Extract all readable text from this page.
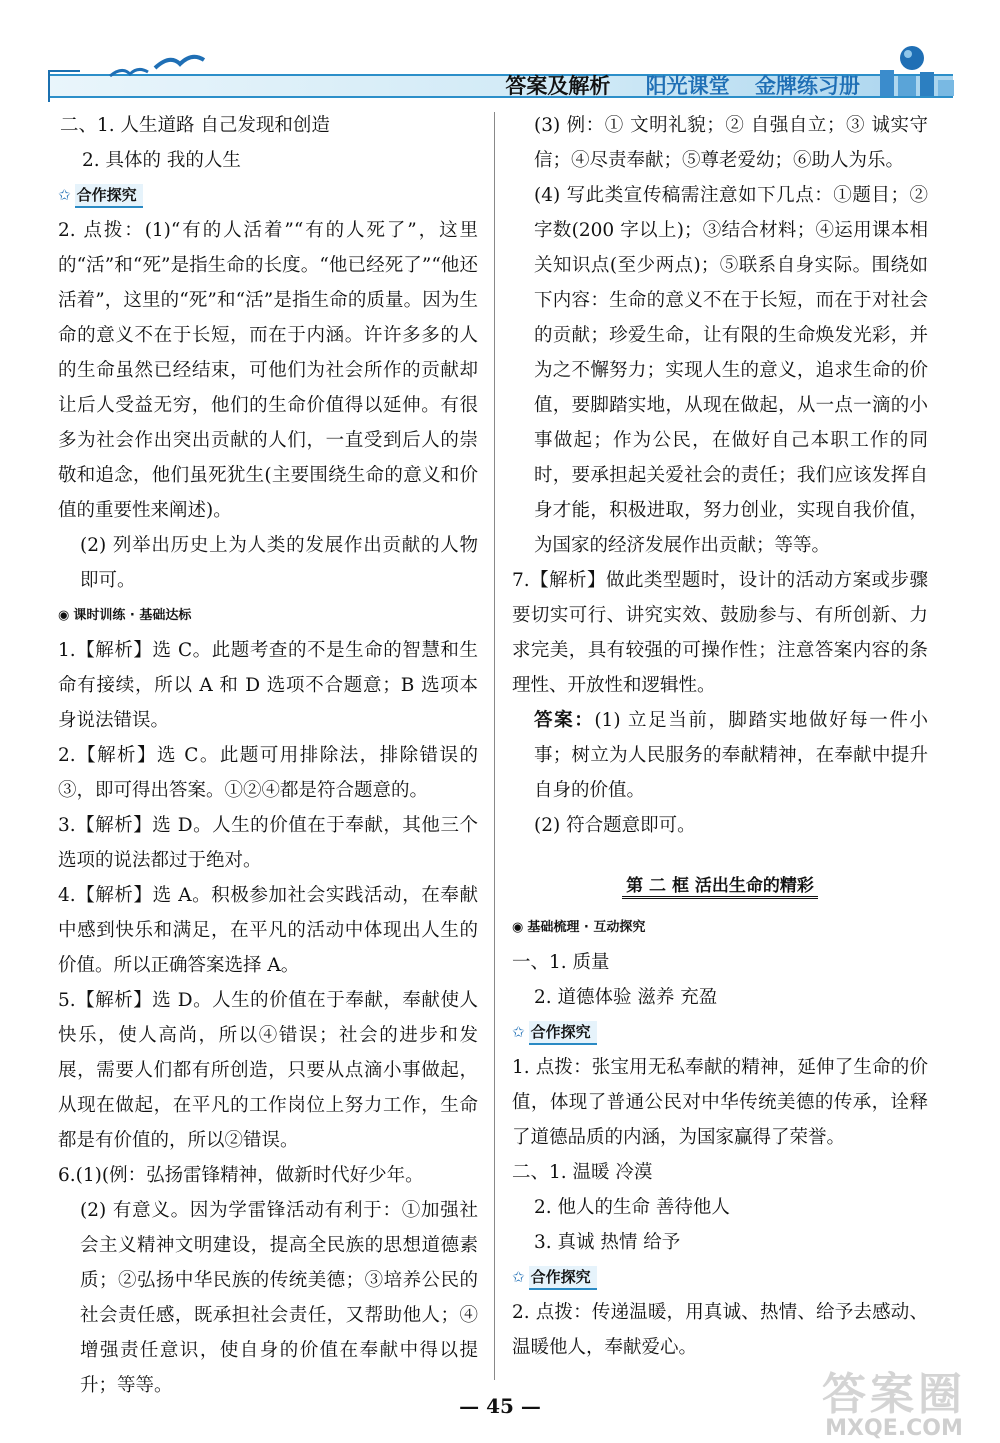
答案及解析 阳光课堂 金牌练习册
二、1. 人生道路 自己发现和创造
2. 具体的 我的人生
✩ 合作探究
2. 点拨：(1)“有的人活着”“有的人死了”，这里的“活”和“死”是指生命的长度。“他已经死了”“他还活着”，这里的“死”和“活”是指生命的质量。因为生命的意义不在于长短，而在于内涵。许许多多的人的生命虽然已经结束，可他们为社会所作的贡献却让后人受益无穷，他们的生命价值得以延伸。有很多为社会作出突出贡献的人们，一直受到后人的崇敬和追念，他们虽死犹生(主要围绕生命的意义和价值的重要性来阐述)。
(2) 列举出历史上为人类的发展作出贡献的人物即可。
◉ 课时训练 · 基础达标
1.【解析】选 C。此题考查的不是生命的智慧和生命有接续，所以 A 和 D 选项不合题意；B 选项本身说法错误。
2.【解析】选 C。此题可用排除法，排除错误的③，即可得出答案。①②④都是符合题意的。
3.【解析】选 D。人生的价值在于奉献，其他三个选项的说法都过于绝对。
4.【解析】选 A。积极参加社会实践活动，在奉献中感到快乐和满足，在平凡的活动中体现出人生的价值。所以正确答案选择 A。
5.【解析】选 D。人生的价值在于奉献，奉献使人快乐，使人高尚，所以④错误；社会的进步和发展，需要人们都有所创造，只要从点滴小事做起，从现在做起，在平凡的工作岗位上努力工作，生命都是有价值的，所以②错误。
6.(1)(例：弘扬雷锋精神，做新时代好少年。
(2) 有意义。因为学雷锋活动有利于：①加强社会主义精神文明建设，提高全民族的思想道德素质；②弘扬中华民族的传统美德；③培养公民的社会责任感，既承担社会责任，又帮助他人；④增强责任意识，使自身的价值在奉献中得以提升；等等。
(3) 例：① 文明礼貌；② 自强自立；③ 诚实守信；④尽责奉献；⑤尊老爱幼；⑥助人为乐。
(4) 写此类宣传稿需注意如下几点：①题目；②字数(200 字以上)；③结合材料；④运用课本相关知识点(至少两点)；⑤联系自身实际。围绕如下内容：生命的意义不在于长短，而在于对社会的贡献；珍爱生命，让有限的生命焕发光彩，并为之不懈努力；实现人生的意义，追求生命的价值，要脚踏实地，从现在做起，从一点一滴的小事做起；作为公民，在做好自己本职工作的同时，要承担起关爱社会的责任；我们应该发挥自身才能，积极进取，努力创业，实现自我价值，为国家的经济发展作出贡献；等等。
7.【解析】做此类型题时，设计的活动方案或步骤要切实可行、讲究实效、鼓励参与、有所创新、力求完美，具有较强的可操作性；注意答案内容的条理性、开放性和逻辑性。
答案：(1) 立足当前，脚踏实地做好每一件小事；树立为人民服务的奉献精神，在奉献中提升自身的价值。
(2) 符合题意即可。
第 二 框 活出生命的精彩
◉ 基础梳理 · 互动探究
一、1. 质量
2. 道德体验 滋养 充盈
✩ 合作探究
1. 点拨：张宝用无私奉献的精神，延伸了生命的价值，体现了普通公民对中华传统美德的传承，诠释了道德品质的内涵，为国家赢得了荣誉。
二、1. 温暖 冷漠
2. 他人的生命 善待他人
3. 真诚 热情 给予
✩ 合作探究
2. 点拨：传递温暖，用真诚、热情、给予去感动、温暖他人，奉献爱心。
— 45 —	答案圈
MXQE.COM
